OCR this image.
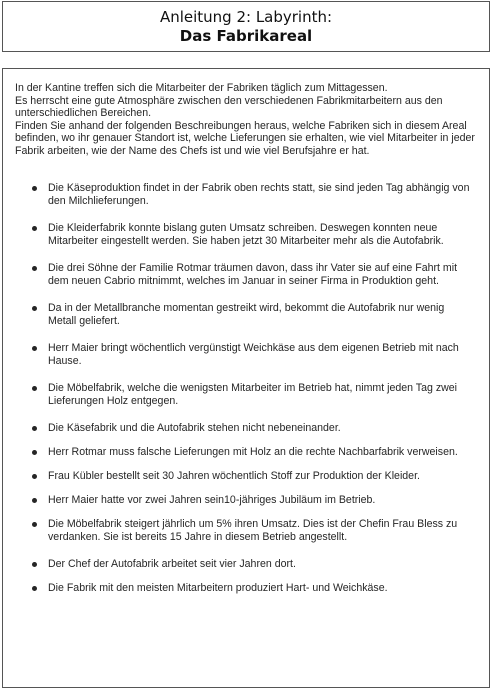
Anleitung 2: Labyrinth:
Das Fabrikareal

In der Kantine treffen sich die Mitarbeiter der Fabriken täglich zum Mittagessen.

Es herrscht eine gute Atmosphäre zwischen den verschiedenen Fabrikmitarbeitern aus den unterschiedlichen Bereichen.

Finden Sie anhand der folgenden Beschreibungen heraus, welche Fabriken sich in diesem Areal befinden, wo ihr genauer Standort ist, welche Lieferungen sie erhalten, wie viel Mitarbeiter in jeder Fabrik arbeiten, wie der Name des Chefs ist und wie viel Berufsjahre er hat.

Die Käseproduktion findet in der Fabrik oben rechts statt, sie sind jeden Tag abhängig von den Milchlieferungen.
Die Kleiderfabrik konnte bislang guten Umsatz schreiben. Deswegen konnten neue Mitarbeiter eingestellt werden. Sie haben jetzt 30 Mitarbeiter mehr als die Autofabrik.
Die drei Söhne der Familie Rotmar träumen davon, dass ihr Vater sie auf eine Fahrt mit dem neuen Cabrio mitnimmt, welches im Januar in seiner Firma in Produktion geht.
Da in der Metallbranche momentan gestreikt wird, bekommt die Autofabrik nur wenig Metall geliefert.
Herr Maier bringt wöchentlich vergünstigt Weichkäse aus dem eigenen Betrieb mit nach Hause.
Die Möbelfabrik, welche die wenigsten Mitarbeiter im Betrieb hat, nimmt jeden Tag zwei Lieferungen Holz entgegen.
Die Käsefabrik und die Autofabrik stehen nicht nebeneinander.
Herr Rotmar muss falsche Lieferungen mit Holz an die rechte Nachbarfabrik verweisen.
Frau Kübler bestellt seit 30 Jahren wöchentlich Stoff zur Produktion der Kleider.
Herr Maier hatte vor zwei Jahren sein10-jähriges Jubiläum im Betrieb.
Die Möbelfabrik steigert jährlich um 5% ihren Umsatz. Dies ist der Chefin Frau Bless zu verdanken. Sie ist bereits 15 Jahre in diesem Betrieb angestellt.
Der Chef der Autofabrik arbeitet seit vier Jahren dort.
Die Fabrik mit den meisten Mitarbeitern produziert Hart- und Weichkäse.
